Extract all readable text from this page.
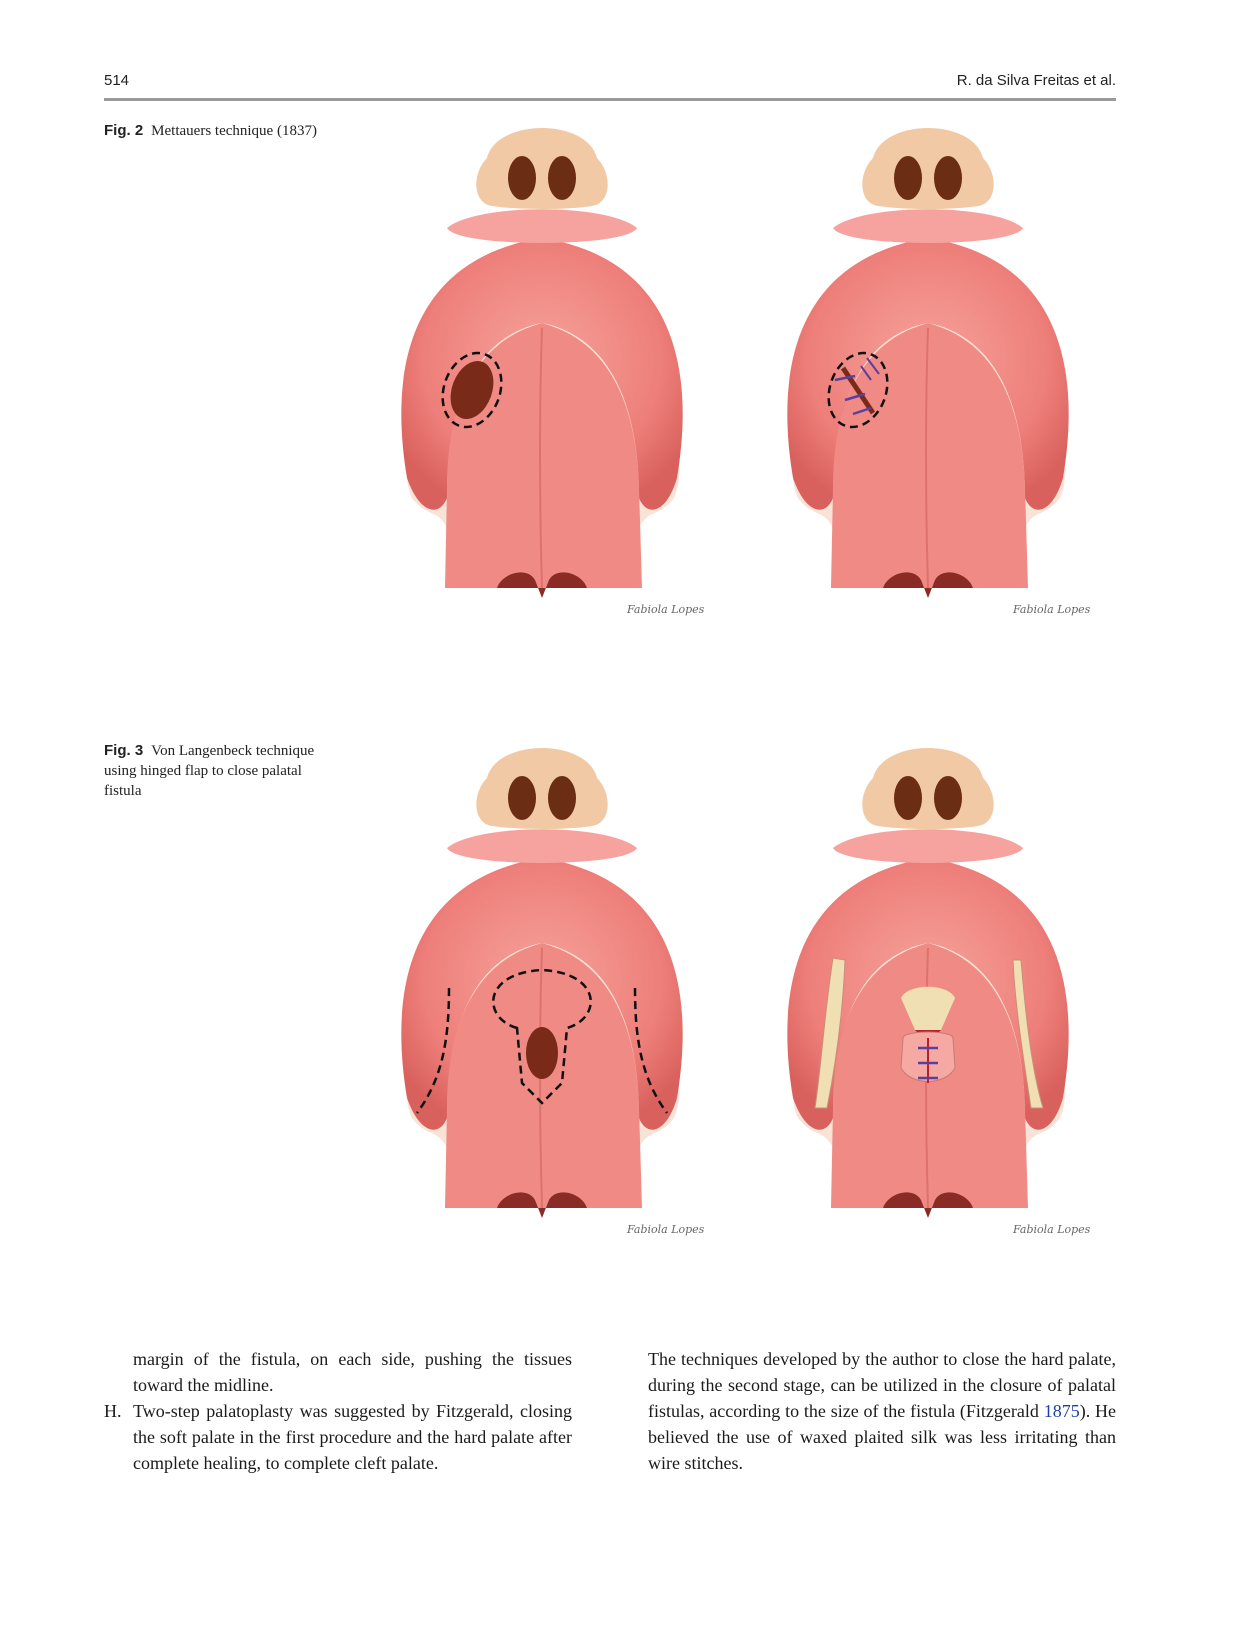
514	R. da Silva Freitas et al.
Fig. 2 Mettauers technique (1837)
Fabiola Lopes	Fabiola Lopes
Fig. 3 Von Langenbeck technique using hinged flap to close palatal fistula
Fabiola Lopes	Fabiola Lopes

margin of the fistula, on each side, pushing the tissues toward the midline.

H. Two-step palatoplasty was suggested by Fitzgerald, closing the soft palate in the first procedure and the hard palate after complete healing, to complete cleft palate.

The techniques developed by the author to close the hard palate, during the second stage, can be utilized in the closure of palatal fistulas, according to the size of the fistula (Fitzgerald 1875). He believed the use of waxed plaited silk was less irritating than wire stitches.
